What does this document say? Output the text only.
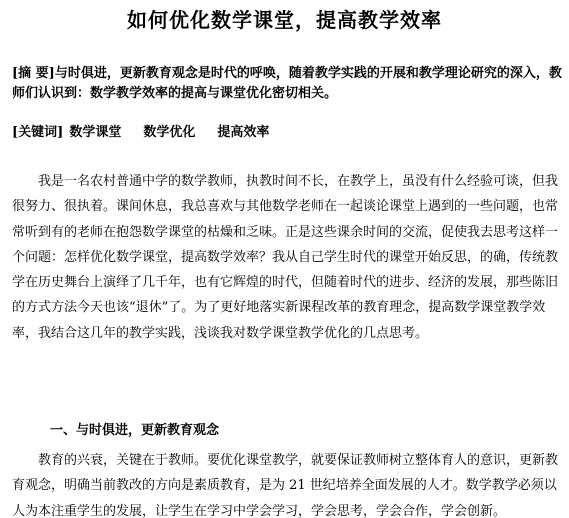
如何优化数学课堂，提高教学效率

[摘 要]与时俱进，更新教育观念是时代的呼唤，随着教学实践的开展和教学理论研究的深入，教师们认识到：数学教学效率的提高与课堂优化密切相关。

[关键词] 数学课堂 数学优化 提高效率

我是一名农村普通中学的数学教师，执教时间不长，在教学上，虽没有什么经验可谈，但我很努力、很执着。课间休息，我总喜欢与其他数学老师在一起谈论课堂上遇到的一些问题，也常常听到有的老师在抱怨数学课堂的枯燥和乏味。正是这些课余时间的交流，促使我去思考这样一个问题：怎样优化数学课堂，提高数学效率？我从自己学生时代的课堂开始反思，的确，传统教学在历史舞台上演绎了几千年，也有它辉煌的时代，但随着时代的进步、经济的发展，那些陈旧的方式方法今天也该“退休”了。为了更好地落实新课程改革的教育理念，提高数学课堂教学效率，我结合这几年的教学实践，浅谈我对数学课堂教学优化的几点思考。

一、与时俱进，更新教育观念

教育的兴衰，关键在于教师。要优化课堂教学，就要保证教师树立整体育人的意识，更新教育观念，明确当前教改的方向是素质教育，是为 21 世纪培养全面发展的人才。数学教学必须以人为本注重学生的发展，让学生在学习中学会学习，学会思考，学会合作，学会创新。
